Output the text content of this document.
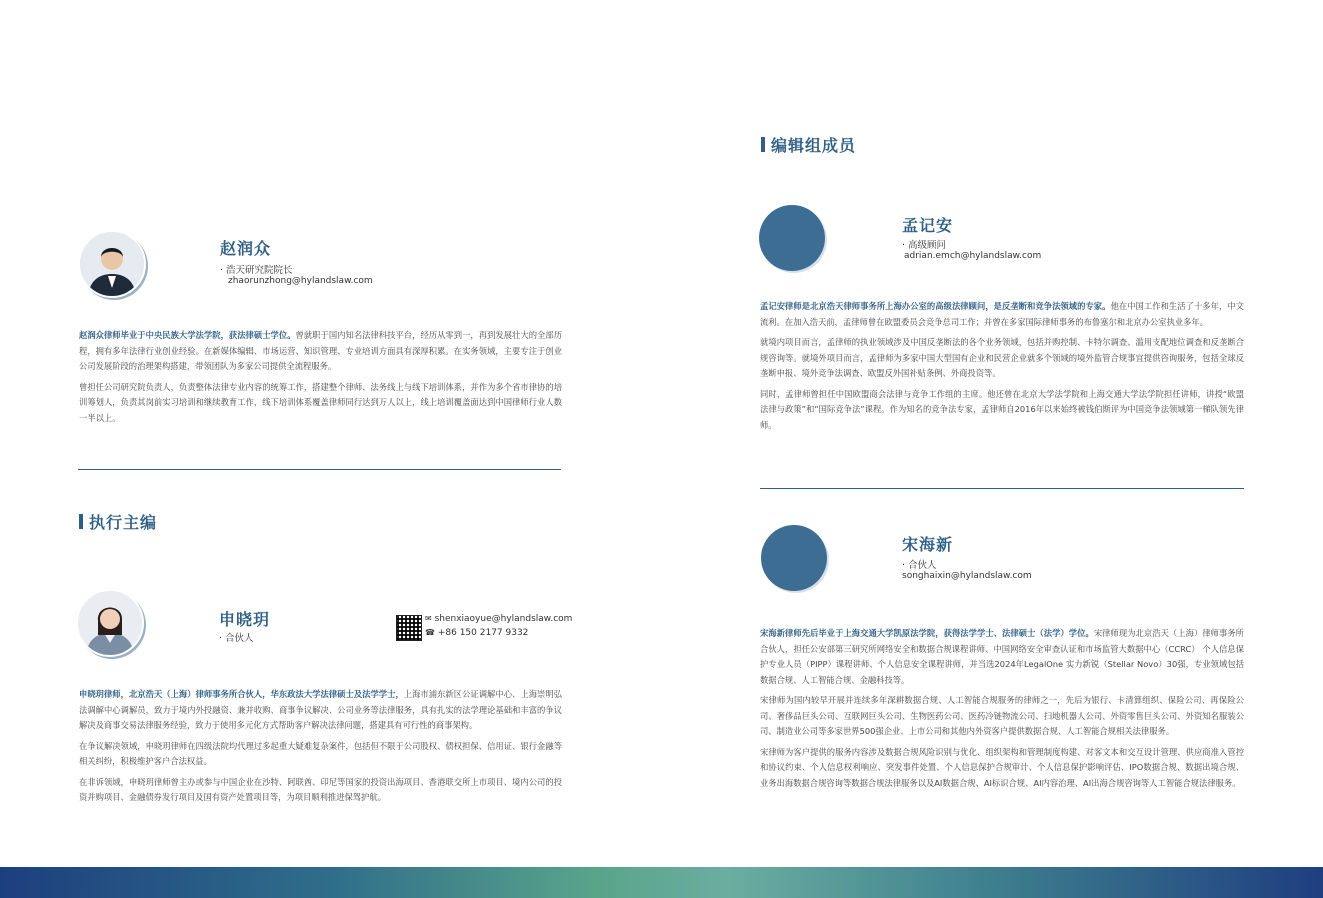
赵润众
· 浩天研究院院长
zhaorunzhong@hylandslaw.com
赵润众律师毕业于中央民族大学法学院，获法律硕士学位。曾就职于国内知名法律科技平台，经历从零到一，再到发展壮大的全部历程，拥有多年法律行业创业经验。在新媒体编辑、市场运营、知识管理、专业培训方面具有深厚积累。在实务领域，主要专注于创业公司发展阶段的治理架构搭建，带领团队为多家公司提供全流程服务。
曾担任公司研究院负责人，负责整体法律专业内容的统筹工作，搭建整个律师、法务线上与线下培训体系，并作为多个省市律协的培训筹划人，负责其岗前实习培训和继续教育工作，线下培训体系覆盖律师同行达到万人以上，线上培训覆盖面达到中国律师行业人数一半以上。
执行主编
申晓玥
· 合伙人
✉ shenxiaoyue@hylandslaw.com
☎ +86 150 2177 9332
申晓玥律师，北京浩天（上海）律师事务所合伙人，华东政法大学法律硕士及法学学士，上海市浦东新区公证调解中心、上海崇明弘法调解中心调解员，致力于境内外投融资、兼并收购、商事争议解决、公司业务等法律服务，具有扎实的法学理论基础和丰富的争议解决及商事交易法律服务经验，致力于使用多元化方式帮助客户解决法律问题，搭建具有可行性的商事架构。
在争议解决领域，申晓玥律师在四级法院均代理过多起重大疑难复杂案件，包括但不限于公司股权、债权担保、信用证、银行金融等相关纠纷，积极维护客户合法权益。
在非诉领域，申晓玥律师曾主办或参与中国企业在沙特、阿联酋、印尼等国家的投资出海项目、香港联交所上市项目、境内公司的投资并购项目、金融债券发行项目及国有资产处置项目等，为项目顺利推进保驾护航。
编辑组成员
孟记安
· 高级顾问
adrian.emch@hylandslaw.com
孟记安律师是北京浩天律师事务所上海办公室的高级法律顾问，是反垄断和竞争法领域的专家。他在中国工作和生活了十多年，中文流利。在加入浩天前，孟律师曾在欧盟委员会竞争总司工作；并曾在多家国际律师事务的布鲁塞尔和北京办公室执业多年。
就境内项目而言，孟律师的执业领域涉及中国反垄断法的各个业务领域，包括并购控制、卡特尔调查、滥用支配地位调查和反垄断合规咨询等。就境外项目而言，孟律师为多家中国大型国有企业和民营企业就多个领域的境外监管合规事宜提供咨询服务，包括全球反垄断申报、境外竞争法调查、欧盟反外国补贴条例、外商投资等。
同时，孟律师曾担任中国欧盟商会法律与竞争工作组的主席。他还曾在北京大学法学院和上海交通大学法学院担任讲师，讲授“欧盟法律与政策”和“国际竞争法”课程。作为知名的竞争法专家，孟律师自2016年以来始终被钱伯斯评为中国竞争法领域第一梯队领先律师。
宋海新
· 合伙人
songhaixin@hylandslaw.com
宋海新律师先后毕业于上海交通大学凯原法学院，获得法学学士、法律硕士（法学）学位。宋律师现为北京浩天（上海）律师事务所合伙人，担任公安部第三研究所网络安全和数据合规课程讲师、中国网络安全审查认证和市场监管大数据中心（CCRC） 个人信息保护专业人员（PIPP）课程讲师、个人信息安全课程讲师，并当选2024年LegalOne 实力新锐（Stellar Novo）30强，专业领域包括数据合规、人工智能合规、金融科技等。
宋律师为国内较早开展并连续多年深耕数据合规、人工智能合规服务的律师之一，先后为银行、卡清算组织、保险公司、再保险公司、奢侈品巨头公司、互联网巨头公司、生物医药公司、医药冷链物流公司、扫地机器人公司、外资零售巨头公司、外资知名服装公司、制造业公司等多家世界500强企业、上市公司和其他内外资客户提供数据合规、人工智能合规相关法律服务。
宋律师为客户提供的服务内容涉及数据合规风险识别与优化、组织架构和管理制度构建、对客文本和交互设计管理、供应商准入管控和协议约束、个人信息权利响应、突发事件处置、个人信息保护合规审计、个人信息保护影响评估、IPO数据合规、数据出境合规、业务出海数据合规咨询等数据合规法律服务以及AI数据合规、AI标识合规、AI内容治理、AI出海合规咨询等人工智能合规法律服务。
